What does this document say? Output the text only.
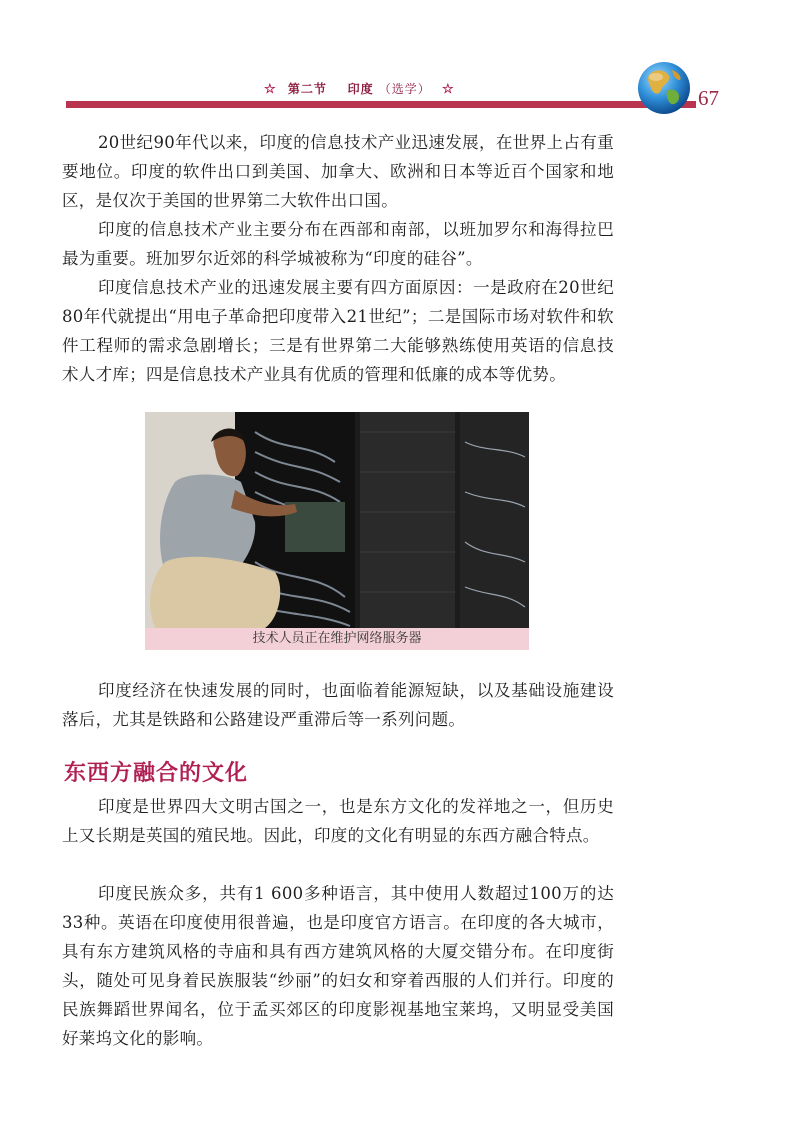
☆ 第二节 印度 （选学） ☆	67

20世纪90年代以来，印度的信息技术产业迅速发展，在世界上占有重要地位。印度的软件出口到美国、加拿大、欧洲和日本等近百个国家和地区，是仅次于美国的世界第二大软件出口国。

印度的信息技术产业主要分布在西部和南部，以班加罗尔和海得拉巴最为重要。班加罗尔近郊的科学城被称为“印度的硅谷”。

印度信息技术产业的迅速发展主要有四方面原因：一是政府在20世纪80年代就提出“用电子革命把印度带入21世纪”；二是国际市场对软件和软件工程师的需求急剧增长；三是有世界第二大能够熟练使用英语的信息技术人才库；四是信息技术产业具有优质的管理和低廉的成本等优势。

技术人员正在维护网络服务器

印度经济在快速发展的同时，也面临着能源短缺，以及基础设施建设落后，尤其是铁路和公路建设严重滞后等一系列问题。

东西方融合的文化

印度是世界四大文明古国之一，也是东方文化的发祥地之一，但历史上又长期是英国的殖民地。因此，印度的文化有明显的东西方融合特点。

印度民族众多，共有1 600多种语言，其中使用人数超过100万的达33种。英语在印度使用很普遍，也是印度官方语言。在印度的各大城市，具有东方建筑风格的寺庙和具有西方建筑风格的大厦交错分布。在印度街头，随处可见身着民族服装“纱丽”的妇女和穿着西服的人们并行。印度的民族舞蹈世界闻名，位于孟买郊区的印度影视基地宝莱坞，又明显受美国好莱坞文化的影响。
